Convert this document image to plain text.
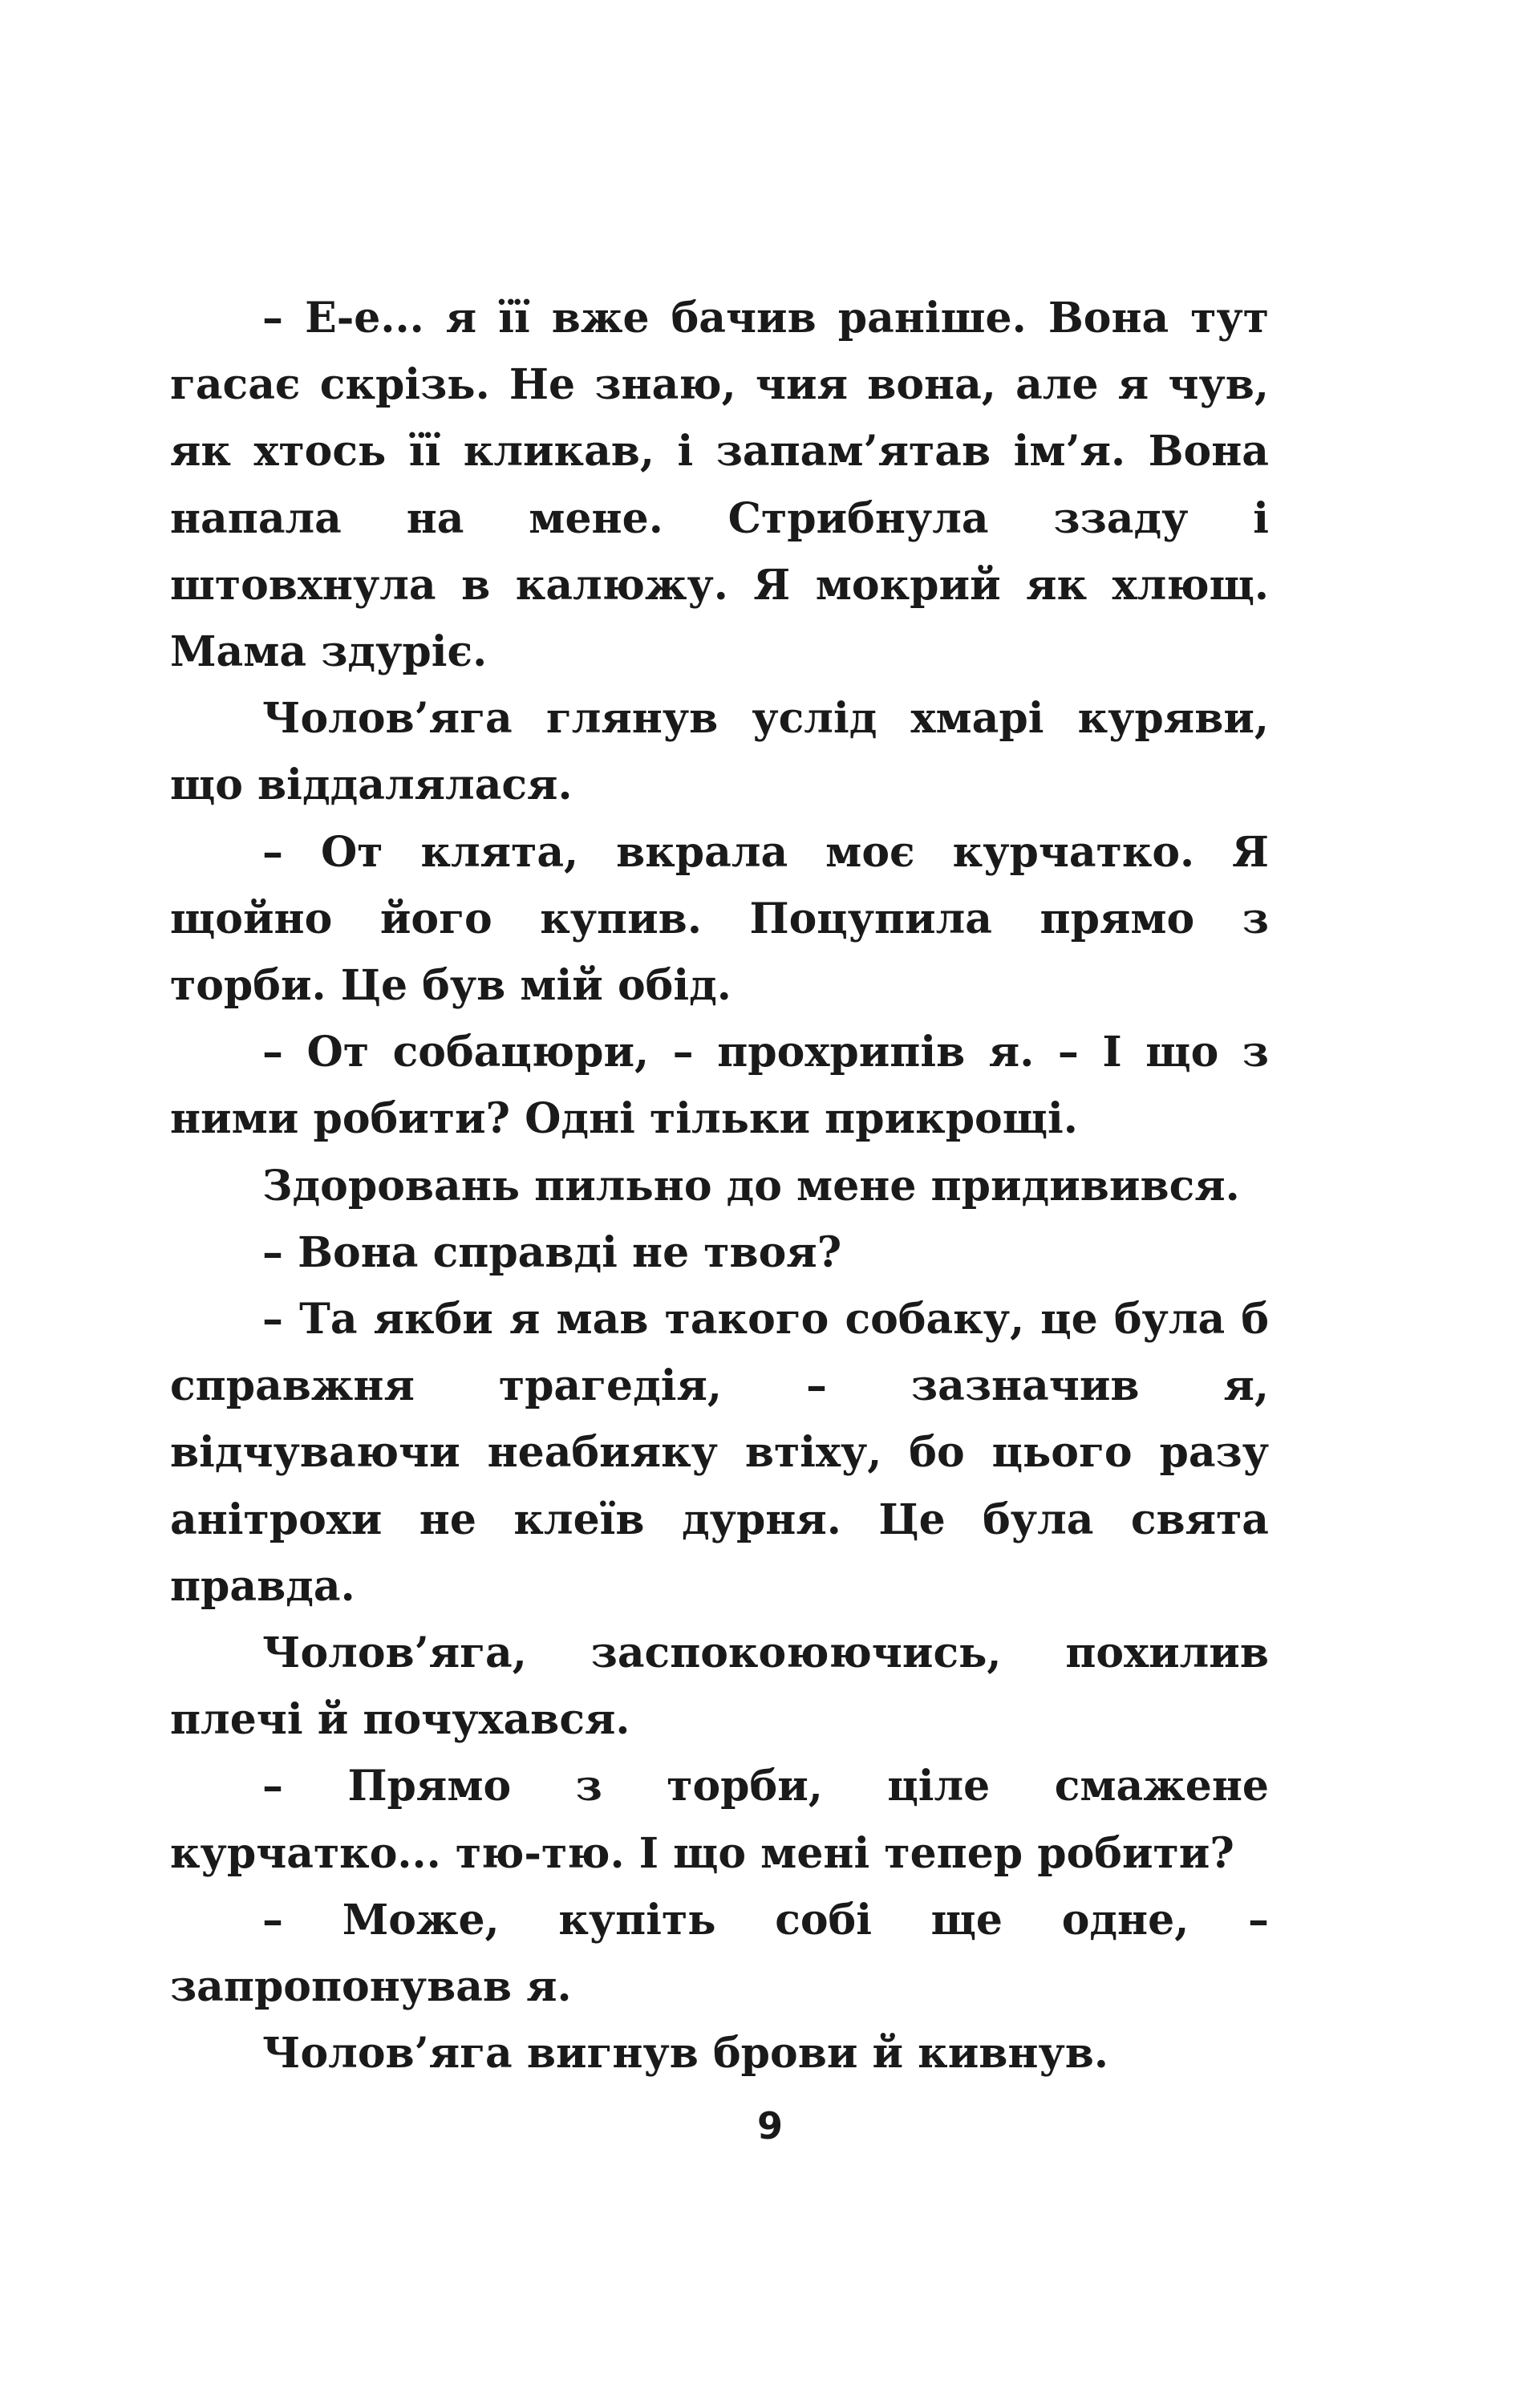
– Е-е... я її вже бачив раніше. Вона тут гасає скрізь. Не знаю, чия вона, але я чув, як хтось її кликав, і запам’ятав ім’я. Вона напала на мене. Стрибнула ззаду і штовхнула в калюжу. Я мокрий як хлющ. Мама здуріє.

Чолов’яга глянув услід хмарі куряви, що віддалялася.

– От клята, вкрала моє курчатко. Я щойно його купив. Поцупила прямо з торби. Це був мій обід.

– От собацюри, – прохрипів я. – І що з ними робити? Одні тільки прикрощі.

Здоровань пильно до мене придивився.

– Вона справді не твоя?

– Та якби я мав такого собаку, це була б справжня трагедія, – зазначив я, відчуваючи неабияку втіху, бо цього разу анітрохи не клеїв дурня. Це була свята правда.

Чолов’яга, заспокоюючись, похилив плечі й почухався.

– Прямо з торби, ціле смажене курчатко... тю-тю. І що мені тепер робити?

– Може, купіть собі ще одне, – запропонував я.

Чолов’яга вигнув брови й кивнув.

9
